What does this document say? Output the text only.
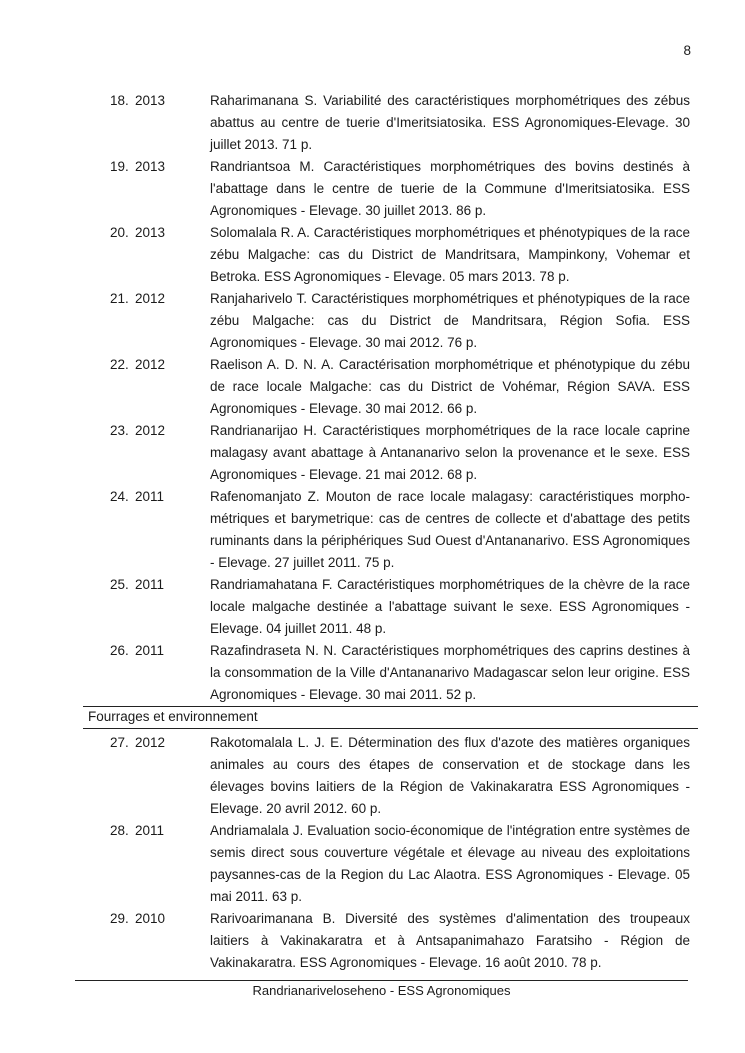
8
18. 2013	Raharimanana S. Variabilité des caractéristiques morphométriques des zébus abattus au centre de tuerie d'Imeritsiatosika. ESS Agronomiques-Elevage. 30 juillet 2013. 71 p.
19. 2013	Randriantsoa M. Caractéristiques morphométriques des bovins destinés à l'abattage dans le centre de tuerie de la Commune d'Imeritsiatosika. ESS Agronomiques - Elevage. 30 juillet 2013. 86 p.
20. 2013	Solomalala R. A. Caractéristiques morphométriques et phénotypiques de la race zébu Malgache: cas du District de Mandritsara, Mampinkony, Vohemar et Betroka. ESS Agronomiques - Elevage. 05 mars 2013. 78 p.
21. 2012	Ranjaharivelo T. Caractéristiques morphométriques et phénotypiques de la race zébu Malgache: cas du District de Mandritsara, Région Sofia. ESS Agronomiques - Elevage. 30 mai 2012. 76 p.
22. 2012	Raelison A. D. N. A. Caractérisation morphométrique et phénotypique du zébu de race locale Malgache: cas du District de Vohémar, Région SAVA. ESS Agronomiques - Elevage. 30 mai 2012. 66 p.
23. 2012	Randrianarijao H. Caractéristiques morphométriques de la race locale caprine malagasy avant abattage à Antananarivo selon la provenance et le sexe. ESS Agronomiques - Elevage. 21 mai 2012. 68 p.
24. 2011	Rafenomanjato Z. Mouton de race locale malagasy: caractéristiques morpho-métriques et barymetrique: cas de centres de collecte et d'abattage des petits ruminants dans la périphériques Sud Ouest d'Antananarivo. ESS Agronomiques - Elevage. 27 juillet 2011. 75 p.
25. 2011	Randriamahatana F. Caractéristiques morphométriques de la chèvre de la race locale malgache destinée a l'abattage suivant le sexe. ESS Agronomiques - Elevage. 04 juillet 2011. 48 p.
26. 2011	Razafindraseta N. N. Caractéristiques morphométriques des caprins destines à la consommation de la Ville d'Antananarivo Madagascar selon leur origine. ESS Agronomiques - Elevage. 30 mai 2011. 52 p.
Fourrages et environnement
27. 2012	Rakotomalala L. J. E. Détermination des flux d'azote des matières organiques animales au cours des étapes de conservation et de stockage dans les élevages bovins laitiers de la Région de Vakinakaratra ESS Agronomiques - Elevage. 20 avril 2012. 60 p.
28. 2011	Andriamalala J. Evaluation socio-économique de l'intégration entre systèmes de semis direct sous couverture végétale et élevage au niveau des exploitations paysannes-cas de la Region du Lac Alaotra. ESS Agronomiques - Elevage. 05 mai 2011. 63 p.
29. 2010	Rarivoarimanana B. Diversité des systèmes d'alimentation des troupeaux laitiers à Vakinakaratra et à Antsapanimahazo Faratsiho - Région de Vakinakaratra. ESS Agronomiques - Elevage. 16 août 2010. 78 p.
Randrianariveloseheno - ESS Agronomiques
